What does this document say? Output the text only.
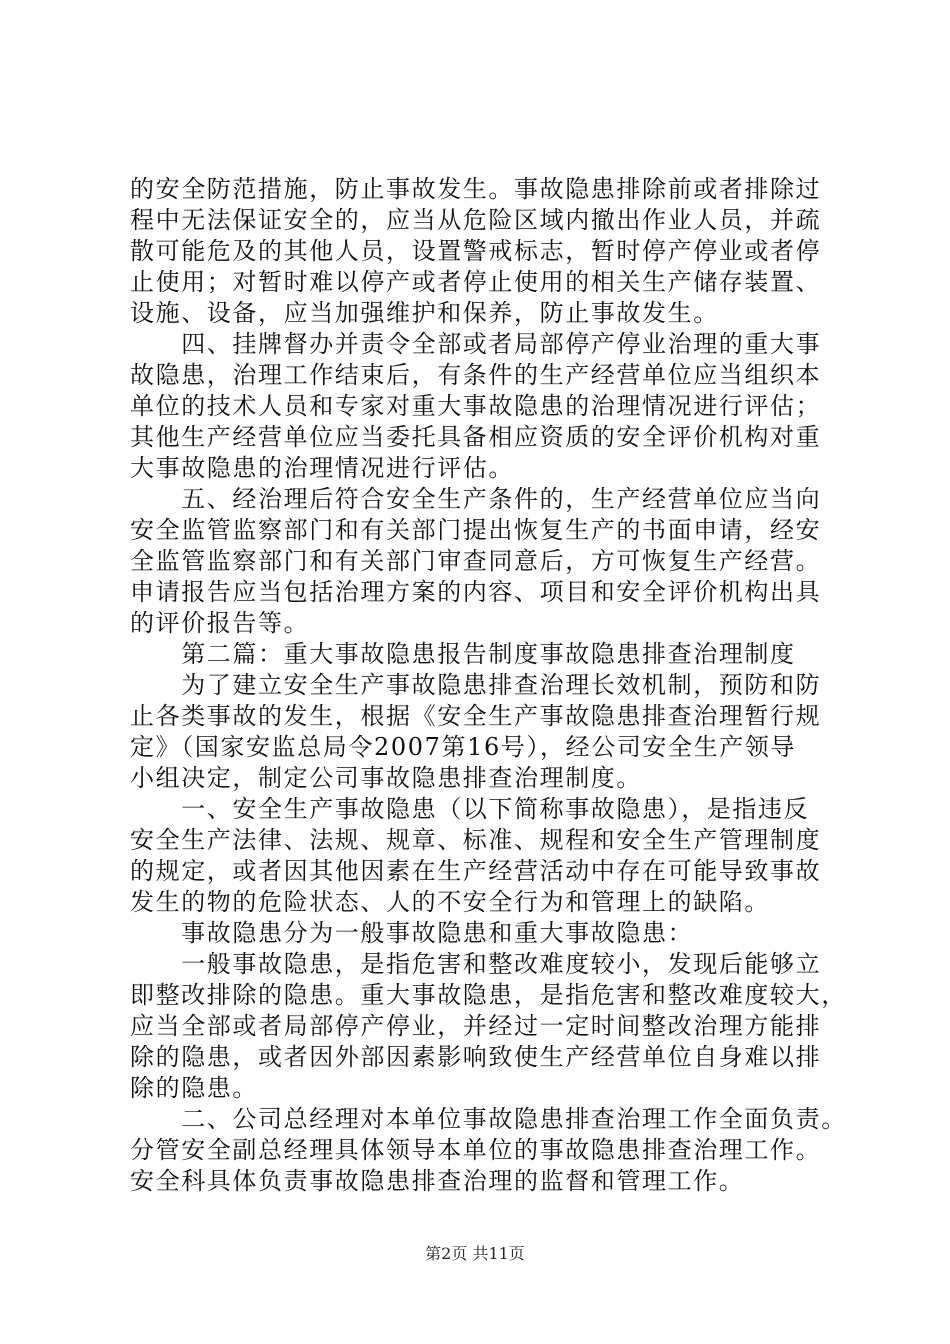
的安全防范措施，防止事故发生。事故隐患排除前或者排除过
程中无法保证安全的，应当从危险区域内撤出作业人员，并疏
散可能危及的其他人员，设置警戒标志，暂时停产停业或者停
止使用；对暂时难以停产或者停止使用的相关生产储存装置、
设施、设备，应当加强维护和保养，防止事故发生。
　　四、挂牌督办并责令全部或者局部停产停业治理的重大事
故隐患，治理工作结束后，有条件的生产经营单位应当组织本
单位的技术人员和专家对重大事故隐患的治理情况进行评估；
其他生产经营单位应当委托具备相应资质的安全评价机构对重
大事故隐患的治理情况进行评估。
　　五、经治理后符合安全生产条件的，生产经营单位应当向
安全监管监察部门和有关部门提出恢复生产的书面申请，经安
全监管监察部门和有关部门审查同意后，方可恢复生产经营。
申请报告应当包括治理方案的内容、项目和安全评价机构出具
的评价报告等。
　　第二篇：重大事故隐患报告制度事故隐患排查治理制度
　　为了建立安全生产事故隐患排查治理长效机制，预防和防
止各类事故的发生，根据《安全生产事故隐患排查治理暂行规
定》（国家安监总局令2007第16号），经公司安全生产领导
小组决定，制定公司事故隐患排查治理制度。
　　一、安全生产事故隐患（以下简称事故隐患），是指违反
安全生产法律、法规、规章、标准、规程和安全生产管理制度
的规定，或者因其他因素在生产经营活动中存在可能导致事故
发生的物的危险状态、人的不安全行为和管理上的缺陷。
　　事故隐患分为一般事故隐患和重大事故隐患：
　　一般事故隐患，是指危害和整改难度较小，发现后能够立
即整改排除的隐患。重大事故隐患，是指危害和整改难度较大，
应当全部或者局部停产停业，并经过一定时间整改治理方能排
除的隐患，或者因外部因素影响致使生产经营单位自身难以排
除的隐患。
　　二、公司总经理对本单位事故隐患排查治理工作全面负责。
分管安全副总经理具体领导本单位的事故隐患排查治理工作。
安全科具体负责事故隐患排查治理的监督和管理工作。
第2页 共11页
